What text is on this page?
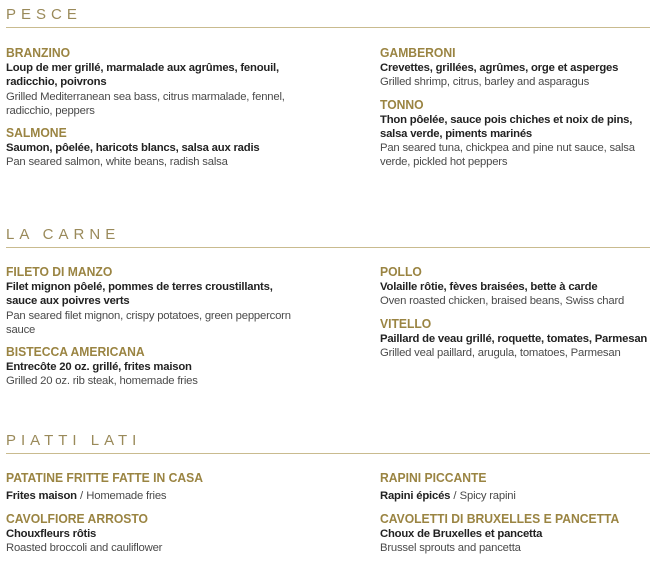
PESCE
BRANZINO
Loup de mer grillé, marmalade aux agrûmes, fenouil, radicchio, poivrons
Grilled Mediterranean sea bass, citrus marmalade, fennel, radicchio, peppers
SALMONE
Saumon, pôelée, haricots blancs, salsa aux radis
Pan seared salmon, white beans, radish salsa
GAMBERONI
Crevettes, grillées, agrûmes, orge et asperges
Grilled shrimp, citrus, barley and asparagus
TONNO
Thon pôelée, sauce pois chiches et noix de pins, salsa verde, piments marinés
Pan seared tuna, chickpea and pine nut sauce, salsa verde, pickled hot peppers
LA CARNE
FILETO DI MANZO
Filet mignon pôelé, pommes de terres croustillants, sauce aux poivres verts
Pan seared filet mignon, crispy potatoes, green peppercorn sauce
BISTECCA AMERICANA
Entrecôte 20 oz. grillé, frites maison
Grilled 20 oz. rib steak, homemade fries
POLLO
Volaille rôtie, fèves braisées, bette à carde
Oven roasted chicken, braised beans, Swiss chard
VITELLO
Paillard de veau grillé, roquette, tomates, Parmesan
Grilled veal paillard, arugula, tomatoes, Parmesan
PIATTI LATI
PATATINE FRITTE FATTE IN CASA
Frites maison / Homemade fries
CAVOLFIORE ARROSTO
Chouxfleurs rôtis
Roasted broccoli and cauliflower
RAPINI PICCANTE
Rapini épicés / Spicy rapini
CAVOLETTI DI BRUXELLES E PANCETTA
Choux de Bruxelles et pancetta
Brussel sprouts and pancetta
